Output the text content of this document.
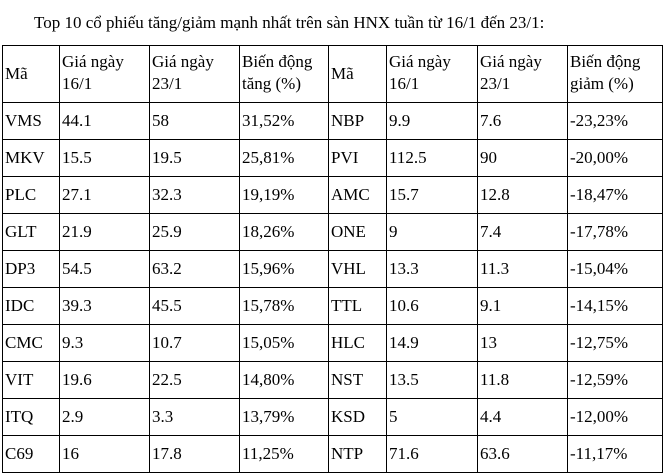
Top 10 cổ phiếu tăng/giảm mạnh nhất trên sàn HNX tuần từ 16/1 đến 23/1:
Mã	Giá ngày 16/1	Giá ngày 23/1	Biến động tăng (%)	Mã	Giá ngày 16/1	Giá ngày 23/1	Biến động giảm (%)
VMS	44.1	58	31,52%	NBP	9.9	7.6	-23,23%
MKV	15.5	19.5	25,81%	PVI	112.5	90	-20,00%
PLC	27.1	32.3	19,19%	AMC	15.7	12.8	-18,47%
GLT	21.9	25.9	18,26%	ONE	9	7.4	-17,78%
DP3	54.5	63.2	15,96%	VHL	13.3	11.3	-15,04%
IDC	39.3	45.5	15,78%	TTL	10.6	9.1	-14,15%
CMC	9.3	10.7	15,05%	HLC	14.9	13	-12,75%
VIT	19.6	22.5	14,80%	NST	13.5	11.8	-12,59%
ITQ	2.9	3.3	13,79%	KSD	5	4.4	-12,00%
C69	16	17.8	11,25%	NTP	71.6	63.6	-11,17%
